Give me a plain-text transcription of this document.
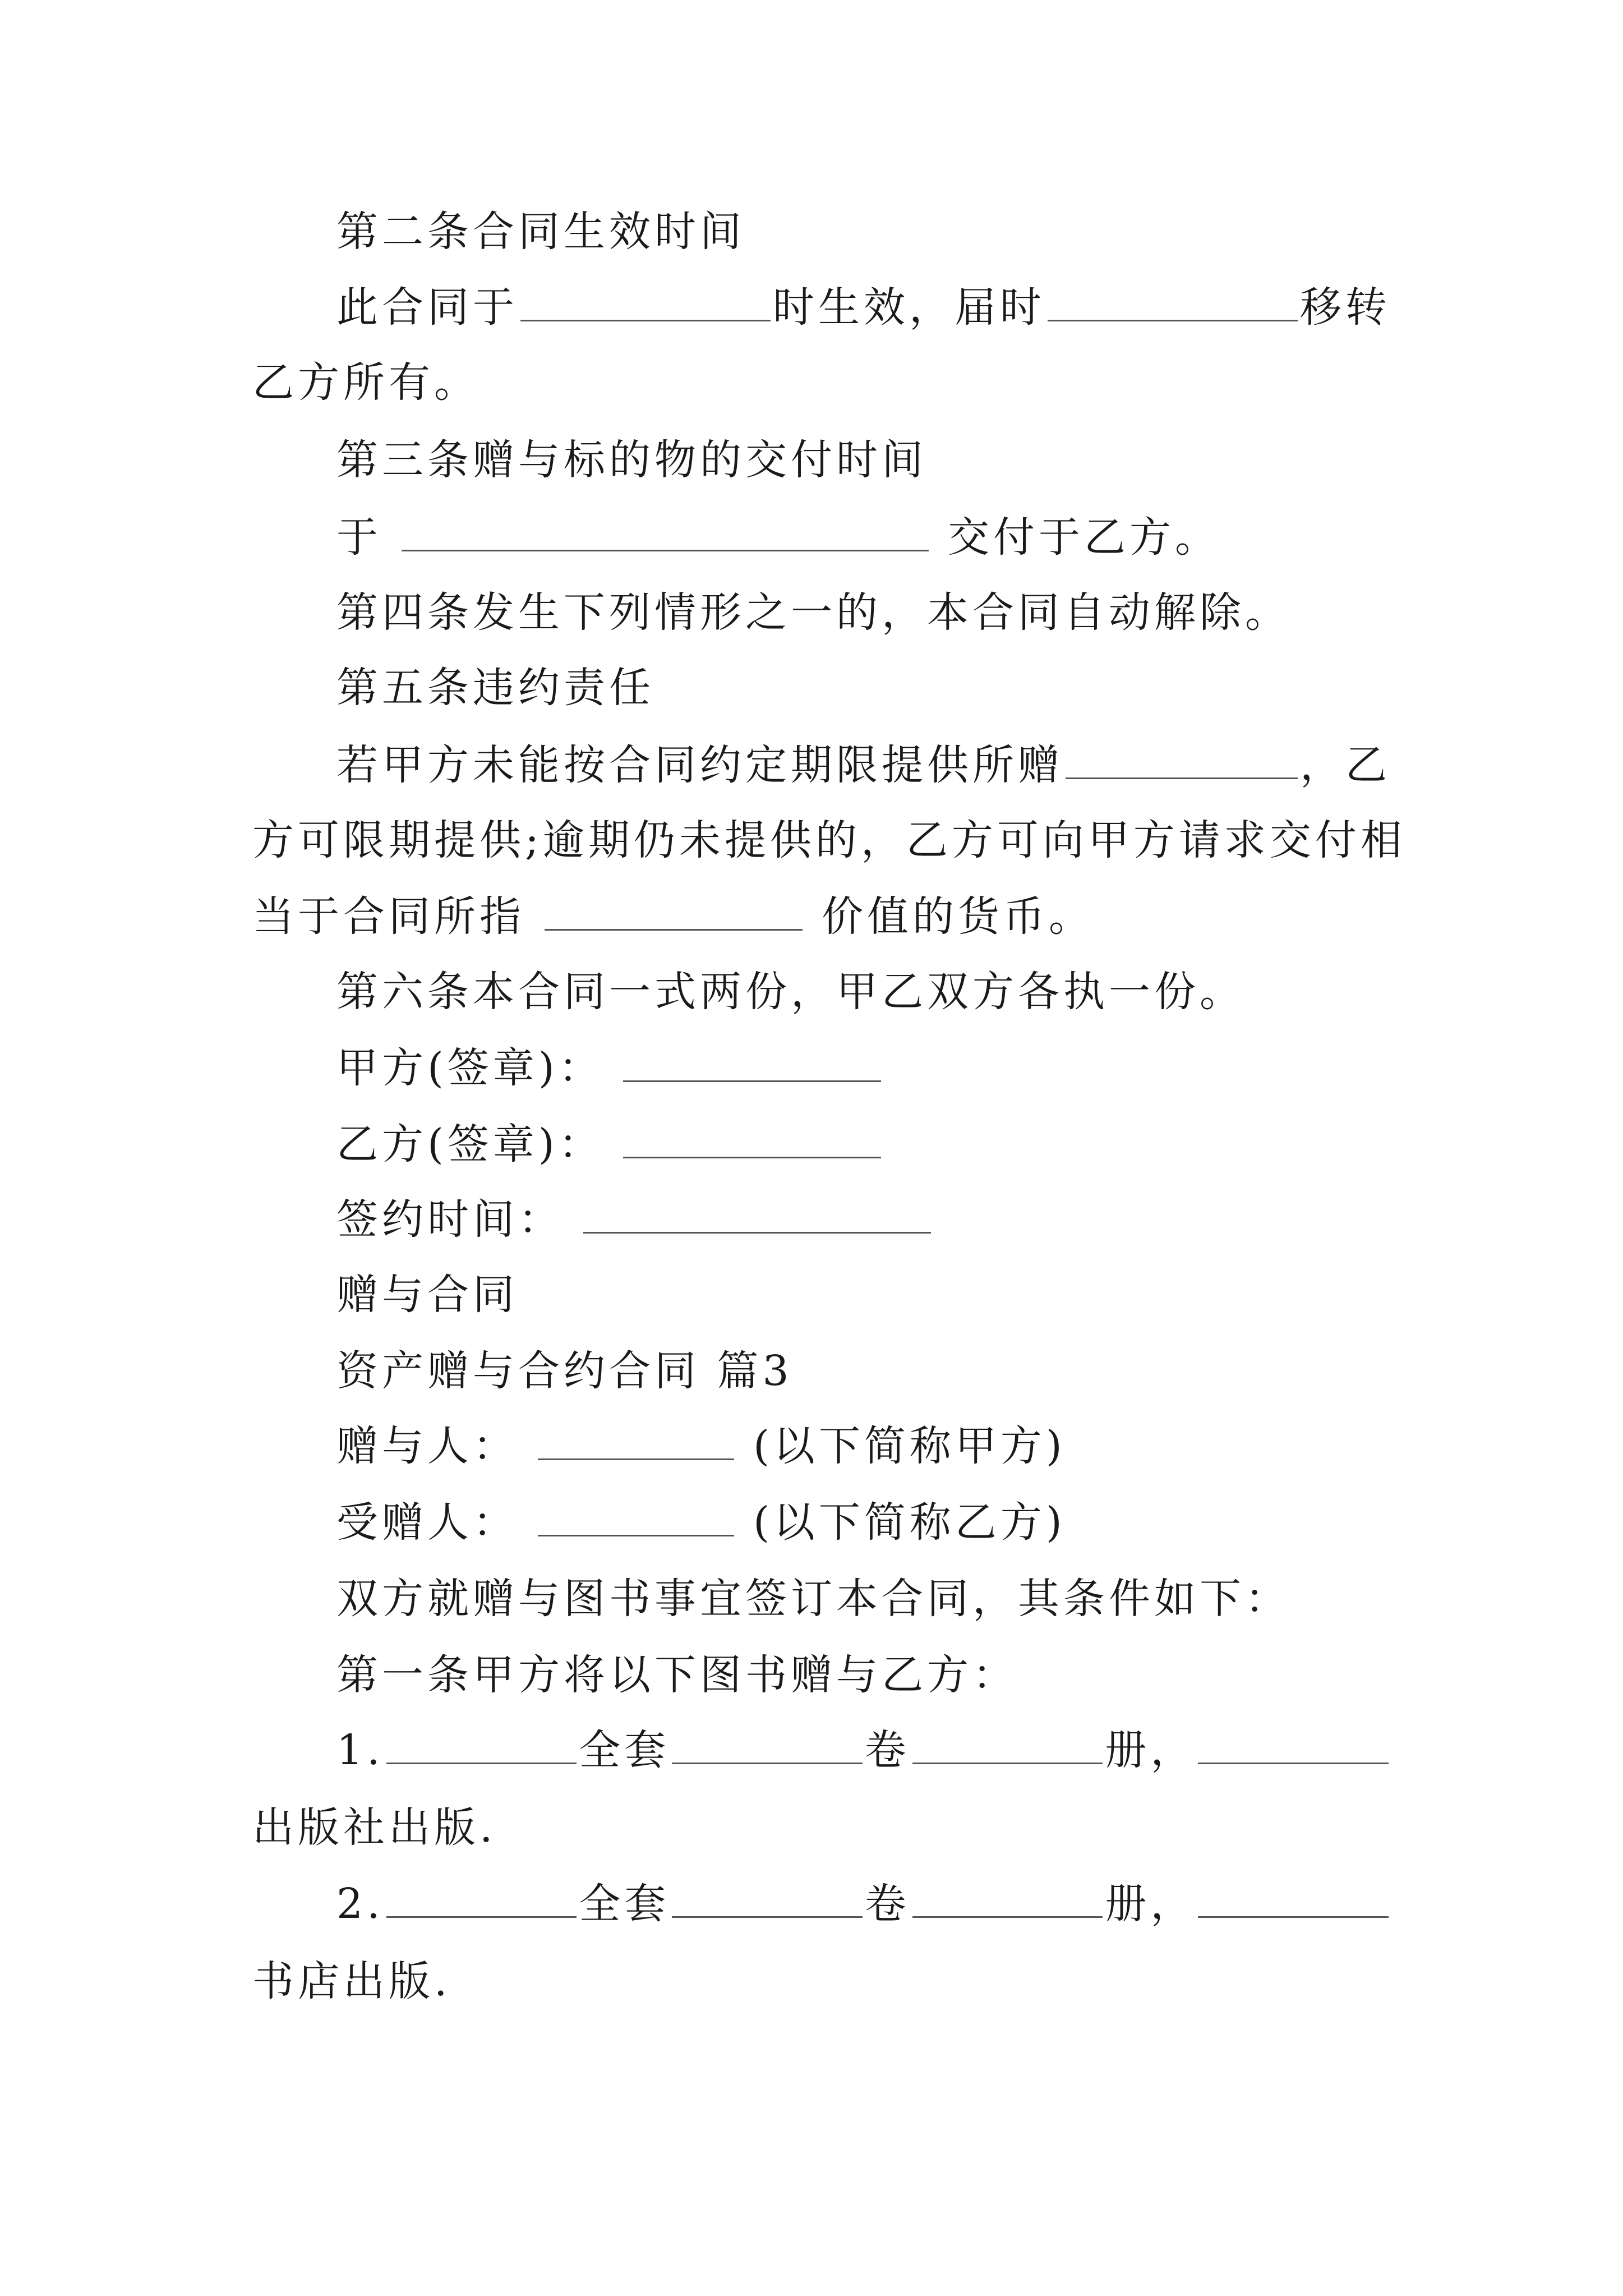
第二条合同生效时间
此合同于	时生效，届时	移转
乙方所有。
第三条赠与标的物的交付时间
于	交付于乙方。
第四条发生下列情形之一的，本合同自动解除。
第五条违约责任
若甲方未能按合同约定期限提供所赠	，乙
方可限期提供;逾期仍未提供的，乙方可向甲方请求交付相
当于合同所指	价值的货币。
第六条本合同一式两份，甲乙双方各执一份。
甲方(签章)：
乙方(签章)：
签约时间：
赠与合同
资产赠与合约合同 篇3
赠与人：	(以下简称甲方)
受赠人：	(以下简称乙方)
双方就赠与图书事宜签订本合同，其条件如下：
第一条甲方将以下图书赠与乙方：
1.	全套	卷	册，
出版社出版.
2.	全套	卷	册，
书店出版.
